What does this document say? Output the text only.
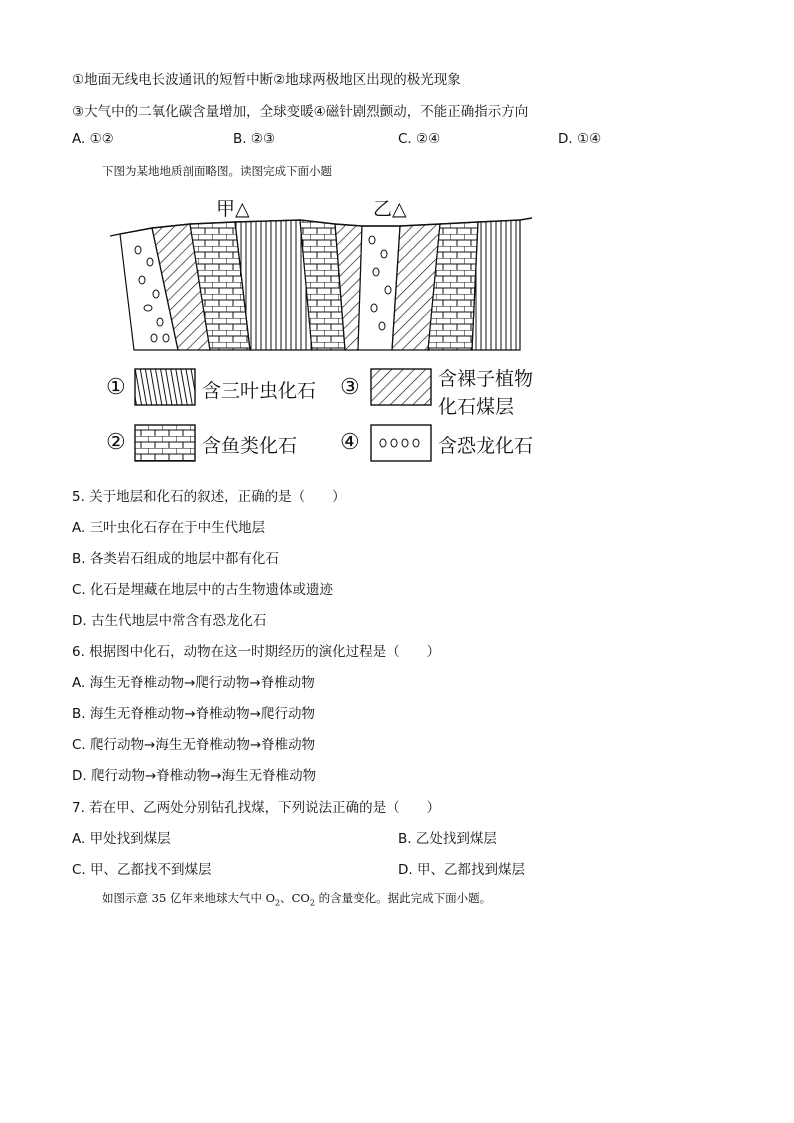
①地面无线电长波通讯的短暂中断②地球两极地区出现的极光现象
③大气中的二氧化碳含量增加，全球变暖④磁针剧烈颤动，不能正确指示方向
A. ①②	B. ②③	C. ②④	D. ①④
下图为某地地质剖面略图。读图完成下面小题
甲△	乙△
①	含三叶虫化石 ③	含裸子植物
化石煤层
②	含鱼类化石 ④	含恐龙化石
5. 关于地层和化石的叙述，正确的是（　　）
A. 三叶虫化石存在于中生代地层
B. 各类岩石组成的地层中都有化石
C. 化石是埋藏在地层中的古生物遗体或遗迹
D. 古生代地层中常含有恐龙化石
6. 根据图中化石，动物在这一时期经历的演化过程是（　　）
A. 海生无脊椎动物→爬行动物→脊椎动物
B. 海生无脊椎动物→脊椎动物→爬行动物
C. 爬行动物→海生无脊椎动物→脊椎动物
D. 爬行动物→脊椎动物→海生无脊椎动物
7. 若在甲、乙两处分别钻孔找煤，下列说法正确的是（　　）
A. 甲处找到煤层	B. 乙处找到煤层
C. 甲、乙都找不到煤层	D. 甲、乙都找到煤层
如图示意 35 亿年来地球大气中 $O_2$、$CO_2$ 的含量变化。据此完成下面小题。
